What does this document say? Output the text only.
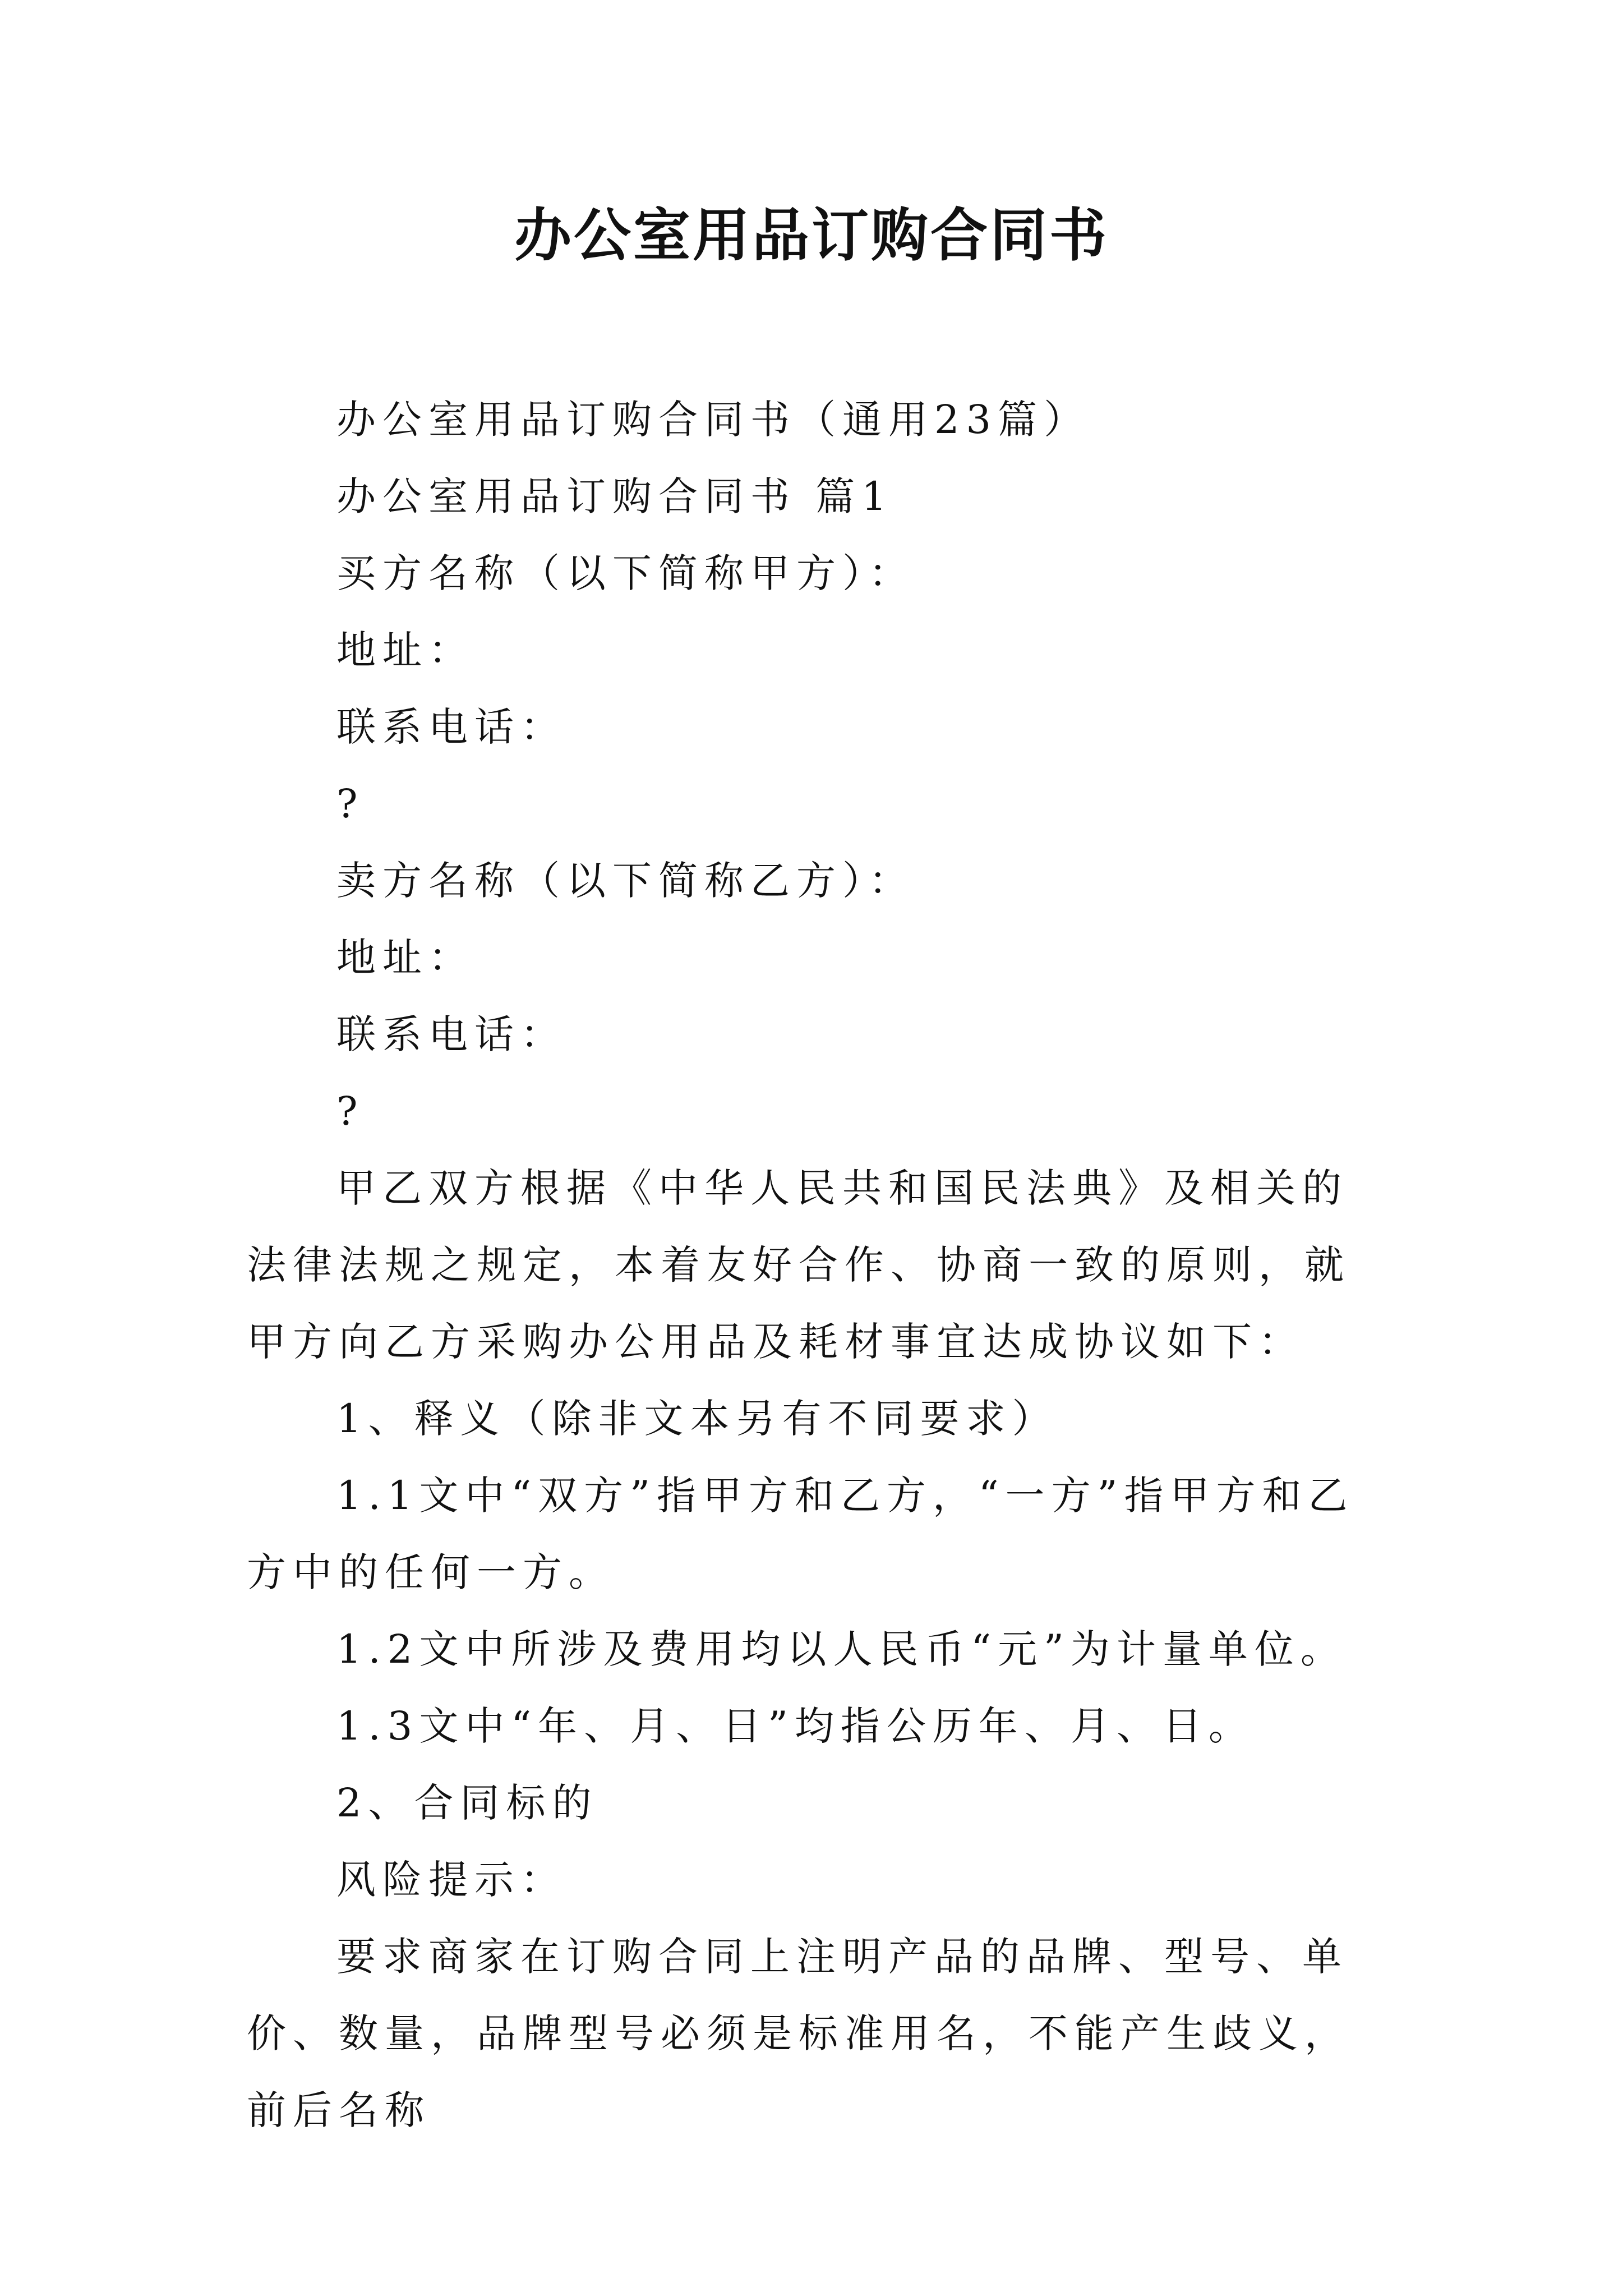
办公室用品订购合同书

办公室用品订购合同书（通用23篇）

办公室用品订购合同书 篇1

买方名称（以下简称甲方）：

地址：

联系电话：

?

卖方名称（以下简称乙方）：

地址：

联系电话：

?

甲乙双方根据《中华人民共和国民法典》及相关的法律法规之规定，本着友好合作、协商一致的原则，就甲方向乙方采购办公用品及耗材事宜达成协议如下：

1、释义（除非文本另有不同要求）

1.1文中“双方”指甲方和乙方，“一方”指甲方和乙方中的任何一方。

1.2文中所涉及费用均以人民币“元”为计量单位。

1.3文中“年、月、日”均指公历年、月、日。

2、合同标的

风险提示：

要求商家在订购合同上注明产品的品牌、型号、单价、数量，品牌型号必须是标准用名，不能产生歧义，前后名称
